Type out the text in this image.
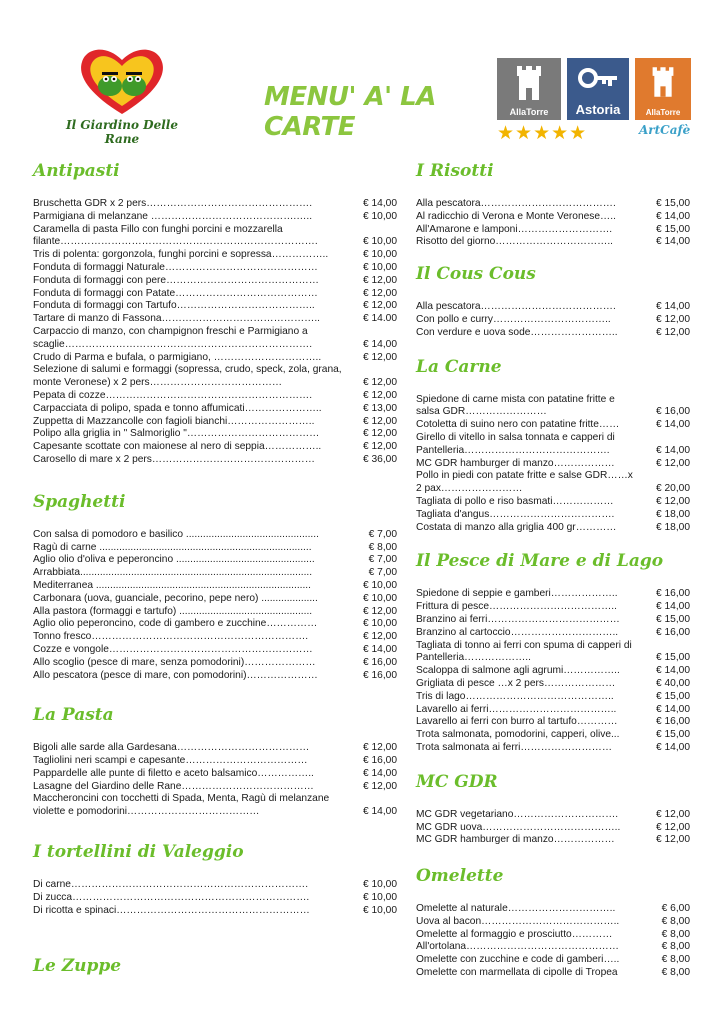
Il Giardino Delle Rane
MENU' A' LA CARTE	AllaTorre	Astoria	AllaTorre
★★★★★	ArtCafè
Antipasti
Bruschetta GDR x 2 pers………………………………………….	€ 14,00
Parmigiana di melanzane …………………………………….…..	€ 10,00
Caramella di pasta Fillo con funghi porcini e mozzarella filante………………………………………………………………….	€ 10,00
Tris di polenta: gorgonzola, funghi porcini e sopressa……………..	€ 10,00
Fonduta di formaggi Naturale………………………………………	€ 10,00
Fonduta di formaggi con pere………………………………………	€ 12,00
Fonduta di formaggi con Patate……………………………………	€ 12,00
Fonduta di formaggi con Tartufo…………………………………..	€ 12,00
Tartare di manzo di Fassona………………………………………..	€ 14.00
Carpaccio di manzo, con champignon freschi e Parmigiano a scaglie……………………………………………………………….	€ 14,00
Crudo di Parma e bufala, o parmigiano, …………………………..	€ 12,00
Selezione di salumi e formaggi (sopressa, crudo, speck, zola, grana, monte Veronese) x 2 pers…………………………………	€ 12,00
Pepata di cozze…………………………………………………….	€ 12,00
Carpacciata di polipo, spada e tonno affumicati…………………..	€ 13,00
Zuppetta di Mazzancolle con fagioli bianchi……………………..	€ 12,00
Polipo alla griglia in " Salmoriglio "…………………………………	€ 12,00
Capesante scottate con maionese al nero di seppia……………..	€ 12,00
Carosello di mare x 2 pers…………………………………………	€ 36,00
Spaghetti
Con salsa di pomodoro e basilico ...............................................	€ 7,00
Ragù di carne ...........................................................................	€ 8,00
Aglio olio d'oliva e peperoncino .................................................	€ 7,00
Arrabbiata..................................................................................	€ 7,00
Mediterranea ............................................................................	€ 10,00
Carbonara (uova, guanciale, pecorino, pepe nero) ....................	€ 10,00
Alla pastora (formaggi e tartufo) ...............................................	€ 12,00
Aglio olio peperoncino, code di gambero e zucchine……………	€ 10,00
Tonno fresco……………………………………………………….	€ 12,00
Cozze e vongole……………………………………………………	€ 14,00
Allo scoglio (pesce di mare, senza pomodorini)…………………	€ 16,00
Allo pescatora (pesce di mare, con pomodorini)…………………	€ 16,00
La Pasta
Bigoli alle sarde alla Gardesana…………………………………	€ 12,00
Tagliolini neri scampi e capesante………………………………	€ 16,00
Pappardelle alle punte di filetto e aceto balsamico……………..	€ 14,00
Lasagne del Giardino delle Rane…………………………………	€ 12,00
Maccheroncini con tocchetti di Spada, Menta, Ragù di melanzane violette e pomodorini…………………………………	€ 14,00
I tortellini di Valeggio
Di carne…………………………………………………………….	€ 10,00
Di zucca…………………………………………………………….	€ 10,00
Di ricotta e spinaci…………………………………………………	€ 10,00
Le Zuppe
I Risotti
Alla pescatora………………………………….	€ 15,00
Al radicchio di Verona e Monte Veronese…..	€ 14,00
All'Amarone e lamponi……………………….	€ 15,00
Risotto del giorno……………………………..	€ 14,00
Il Cous Cous
Alla pescatora………………………………….	€ 14,00
Con pollo e curry……………………………..	€ 12,00
Con verdure e uova sode……………………..	€ 12,00
La Carne
Spiedone di carne mista con patatine fritte e salsa GDR……………………	€ 16,00
Cotoletta di suino nero con patatine fritte……	€ 14,00
Girello di vitello in salsa tonnata e capperi di Pantelleria…………………………………….	€ 14,00
MC GDR hamburger di manzo………………	€ 12,00
Pollo in piedi con patate fritte e salse GDR……x 2 pax……………………	€ 20,00
Tagliata di pollo e riso basmati………………	€ 12,00
Tagliata d'angus……………………………….	€ 18,00
Costata di manzo alla griglia 400 gr…………	€ 18,00
Il Pesce di Mare e di Lago
Spiedone di seppie e gamberi………………..	€ 16,00
Frittura di pesce………………………………..	€ 14,00
Branzino ai ferri…………………………………	€ 15,00
Branzino al cartoccio…………………………..	€ 16,00
Tagliata di tonno ai ferri con spuma di capperi di Pantelleria………………..	€ 15,00
Scaloppa di salmone agli agrumi……………..	€ 14,00
Grigliata di pesce …x 2 pers…………………	€ 40,00
Tris di lago……………………………………..	€ 15,00
Lavarello ai ferri………………………………..	€ 14,00
Lavarello ai ferri con burro al tartufo…………	€ 16,00
Trota salmonata, pomodorini, capperi, olive...	€ 15,00
Trota salmonata ai ferri………………………	€ 14,00
MC GDR
MC GDR vegetariano………………………….	€ 12,00
MC GDR uova…………………………………..	€ 12,00
MC GDR hamburger di manzo………………	€ 12,00
Omelette
Omelette al naturale…………………………..	€ 6,00
Uova al bacon…………………………………..	€ 8,00
Omelette al formaggio e prosciutto…………	€ 8,00
All'ortolana………………………………………	€ 8,00
Omelette con zucchine e code di gamberi…..	€ 8,00
Omelette con marmellata di cipolle di Tropea	€ 8,00
